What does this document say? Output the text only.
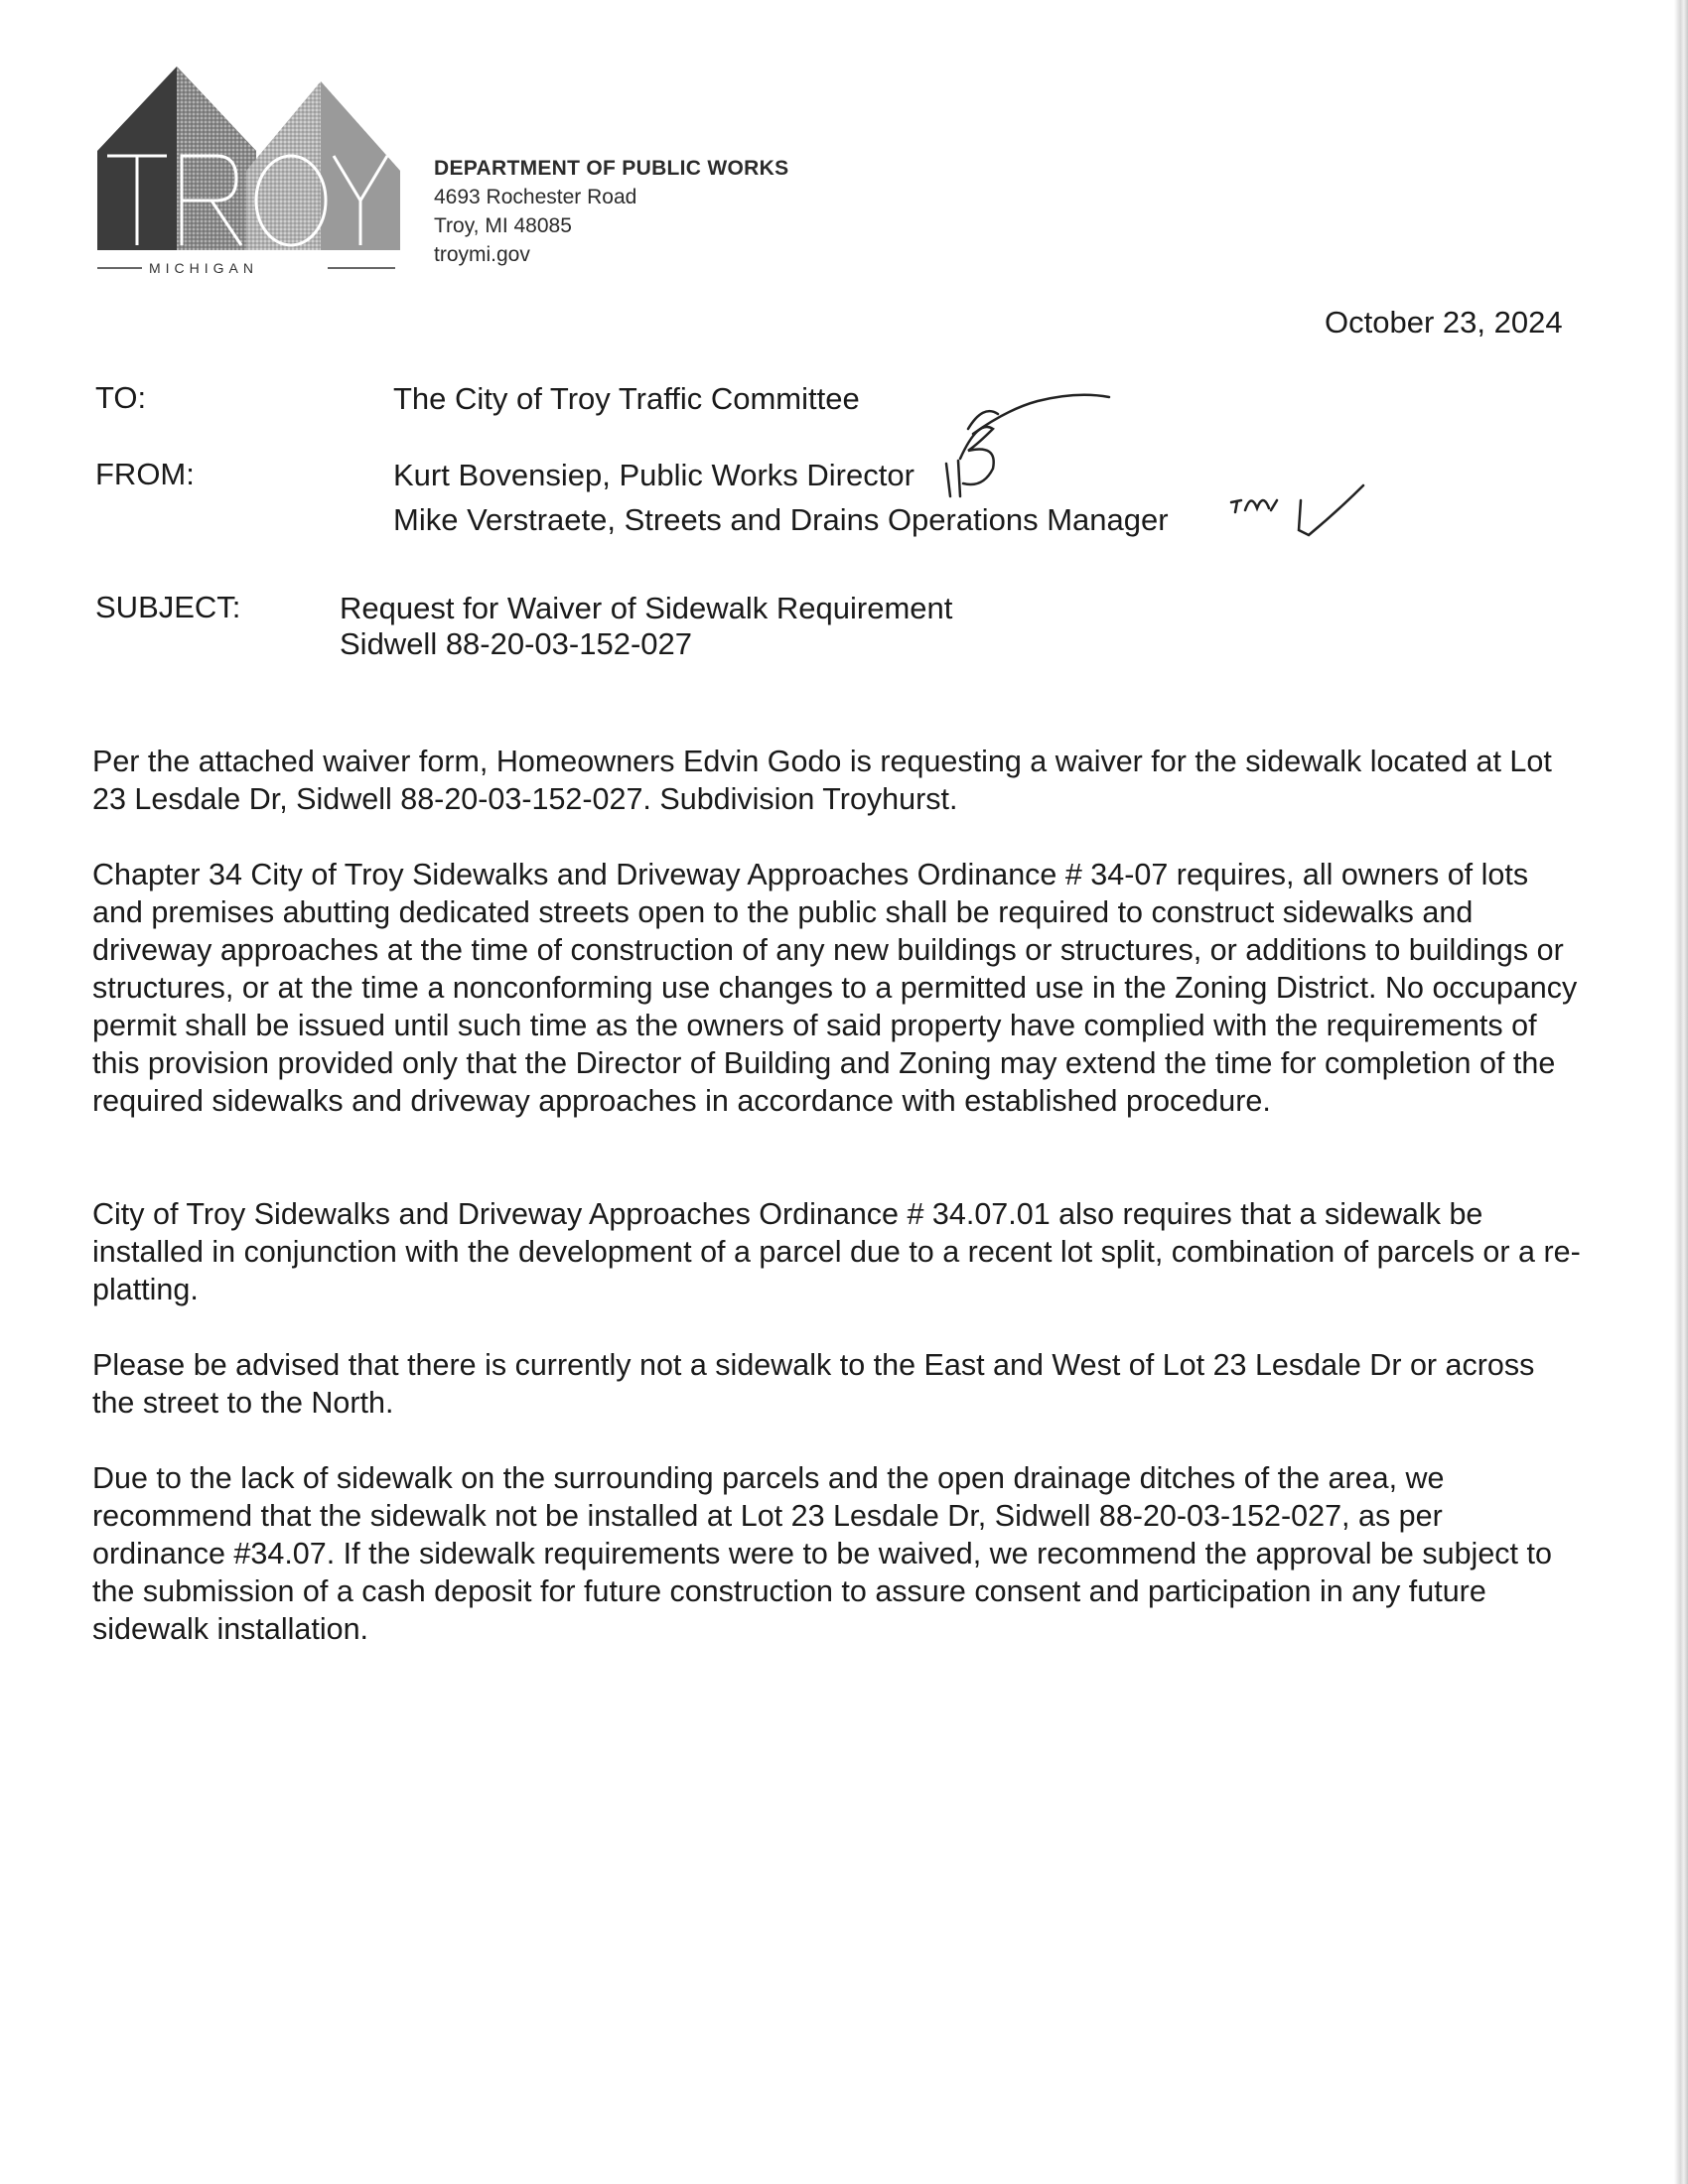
MICHIGAN
DEPARTMENT OF PUBLIC WORKS
4693 Rochester Road
Troy, MI 48085
troymi.gov
October 23, 2024
TO:	The City of Troy Traffic Committee
FROM:	Kurt Bovensiep, Public Works Director
Mike Verstraete, Streets and Drains Operations Manager
SUBJECT:	Request for Waiver of Sidewalk Requirement
Sidwell 88-20-03-152-027

Per the attached waiver form, Homeowners Edvin Godo is requesting a waiver for the sidewalk located at Lot 23 Lesdale Dr, Sidwell 88-20-03-152-027. Subdivision Troyhurst.

Chapter 34 City of Troy Sidewalks and Driveway Approaches Ordinance # 34-07 requires, all owners of lots and premises abutting dedicated streets open to the public shall be required to construct sidewalks and driveway approaches at the time of construction of any new buildings or structures, or additions to buildings or structures, or at the time a nonconforming use changes to a permitted use in the Zoning District. No occupancy permit shall be issued until such time as the owners of said property have complied with the requirements of this provision provided only that the Director of Building and Zoning may extend the time for completion of the required sidewalks and driveway approaches in accordance with established procedure.

City of Troy Sidewalks and Driveway Approaches Ordinance # 34.07.01 also requires that a sidewalk be installed in conjunction with the development of a parcel due to a recent lot split, combination of parcels or a re-platting.

Please be advised that there is currently not a sidewalk to the East and West of Lot 23 Lesdale Dr or across the street to the North.

Due to the lack of sidewalk on the surrounding parcels and the open drainage ditches of the area, we recommend that the sidewalk not be installed at Lot 23 Lesdale Dr, Sidwell 88-20-03-152-027, as per ordinance #34.07. If the sidewalk requirements were to be waived, we recommend the approval be subject to the submission of a cash deposit for future construction to assure consent and participation in any future sidewalk installation.
